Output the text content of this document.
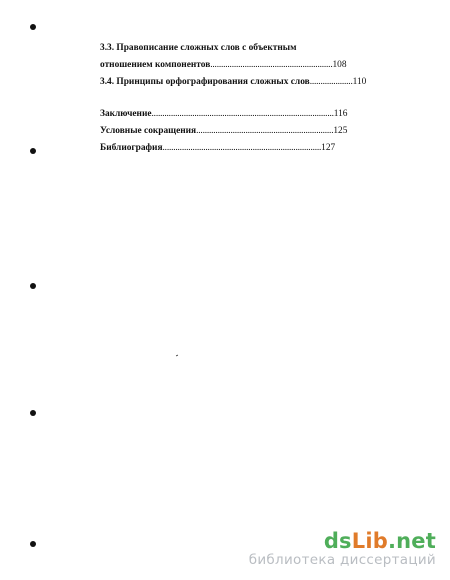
3.3. Правописание сложных слов с объектным
отношением компонентов.........................................................108
3.4. Принципы орфографирования сложных слов....................110
Заключение.....................................................................................116
Условные сокращения................................................................125
Библиография..........................................................................127
dsLib.net
библиотека диссертаций
